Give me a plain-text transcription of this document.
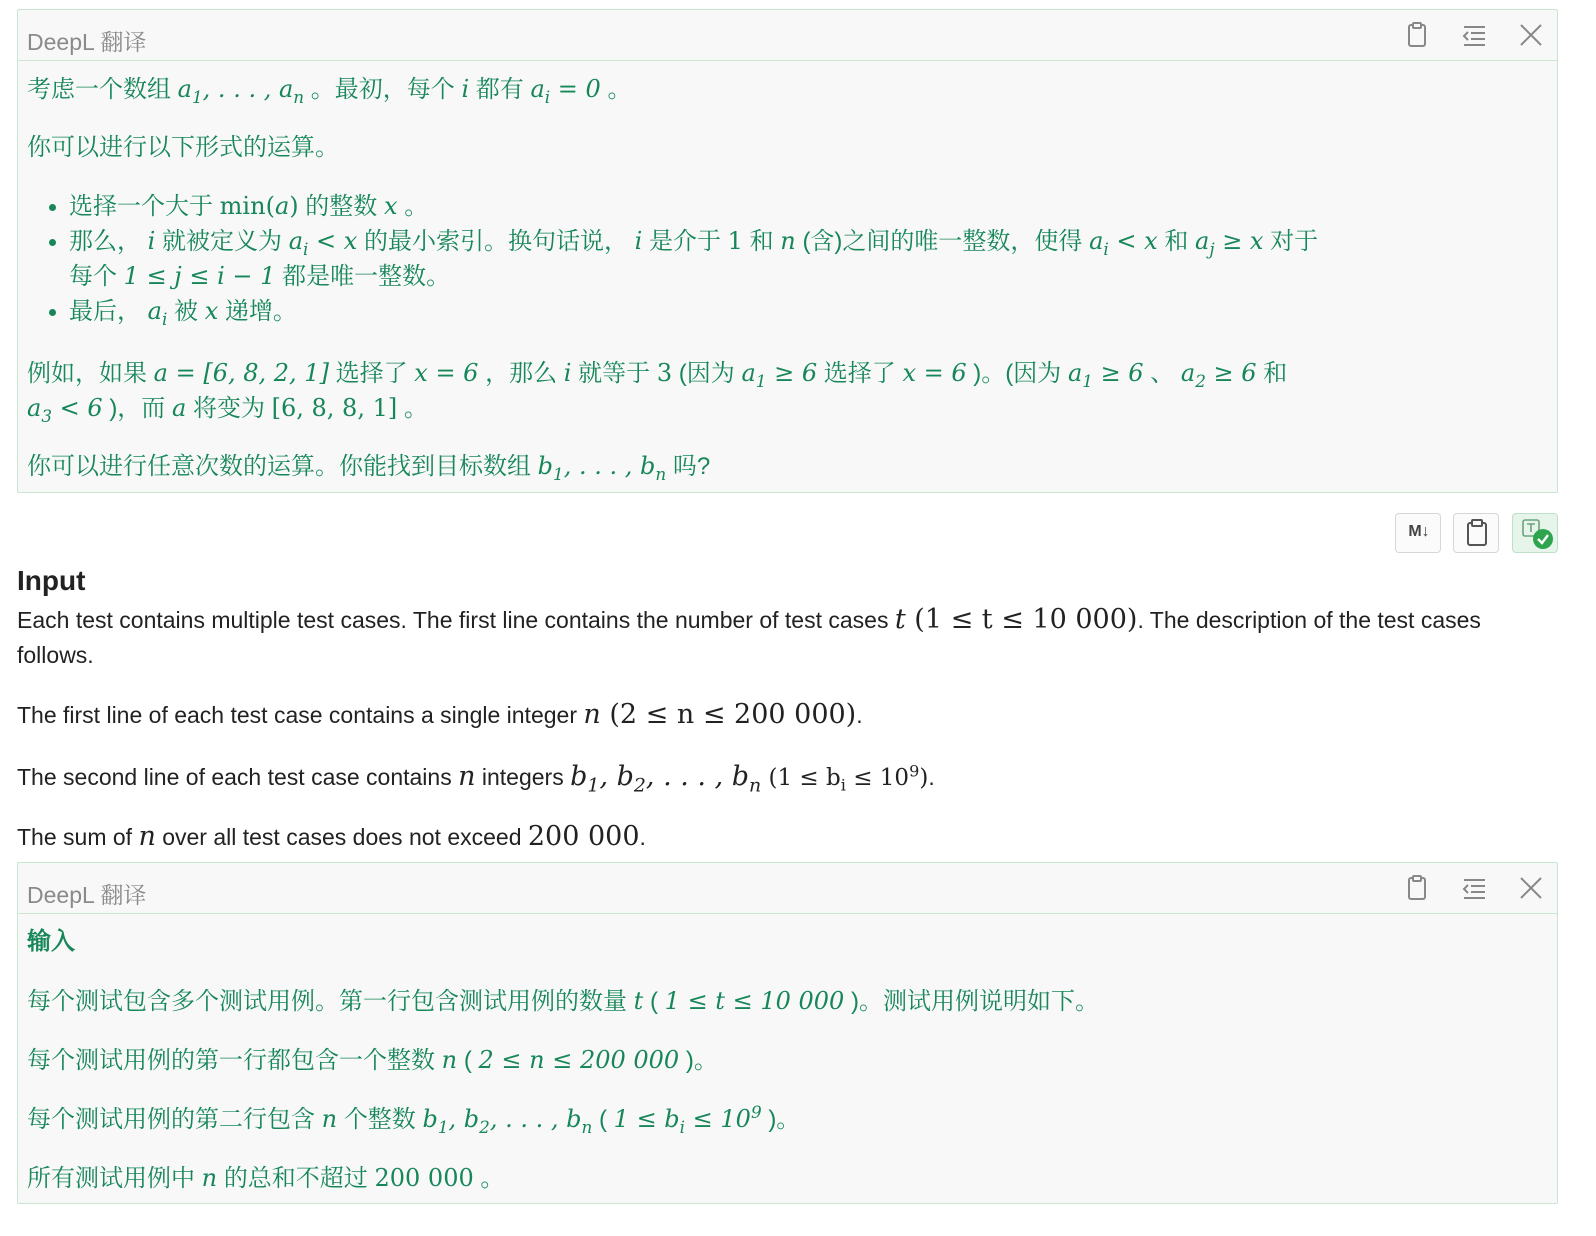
DeepL 翻译

考虑一个数组 $a_1$, . . . , $a_n$ 。最初，每个 i 都有 $a_i = 0$ 。

你可以进行以下形式的运算。

选择一个大于 min(a) 的整数 x 。
那么， i 就被定义为 $a_i < x$ 的最小索引。换句话说， i 是介于 1 和 n (含)之间的唯一整数，使得 $a_i < x$ 和 $a_j \ge x$ 对于
每个 1 ≤ j ≤ i − 1 都是唯一整数。
最后， $a_i$ 被 x 递增。

例如，如果 a = [6, 8, 2, 1] 选择了 x = 6 ，那么 i 就等于 3 (因为 $a_1 \ge 6$ 选择了 x = 6 )。(因为 $a_1 \ge 6$ 、 $a_2 \ge 6$ 和
$a_3 < 6$ )，而 a 将变为 [6, 8, 8, 1] 。

你可以进行任意次数的运算。你能找到目标数组 $b_1$, . . . , $b_n$ 吗?

M↓
Input

Each test contains multiple test cases. The first line contains the number of test cases t (1 ≤ t ≤ 10 000). The description of the test cases follows.

The first line of each test case contains a single integer n (2 ≤ n ≤ 200 000).

The second line of each test case contains n integers $b_1$, $b_2$, . . . , $b_n$ $(1 \le b_i \le 10^9)$.

The sum of n over all test cases does not exceed 200 000.

DeepL 翻译

输入

每个测试包含多个测试用例。第一行包含测试用例的数量 t ( 1 ≤ t ≤ 10 000 )。测试用例说明如下。

每个测试用例的第一行都包含一个整数 n ( 2 ≤ n ≤ 200 000 )。

每个测试用例的第二行包含 n 个整数 $b_1$, $b_2$, . . . , $b_n$ ( $1 \le b_i \le 10^9$ )。

所有测试用例中 n 的总和不超过 200 000 。
